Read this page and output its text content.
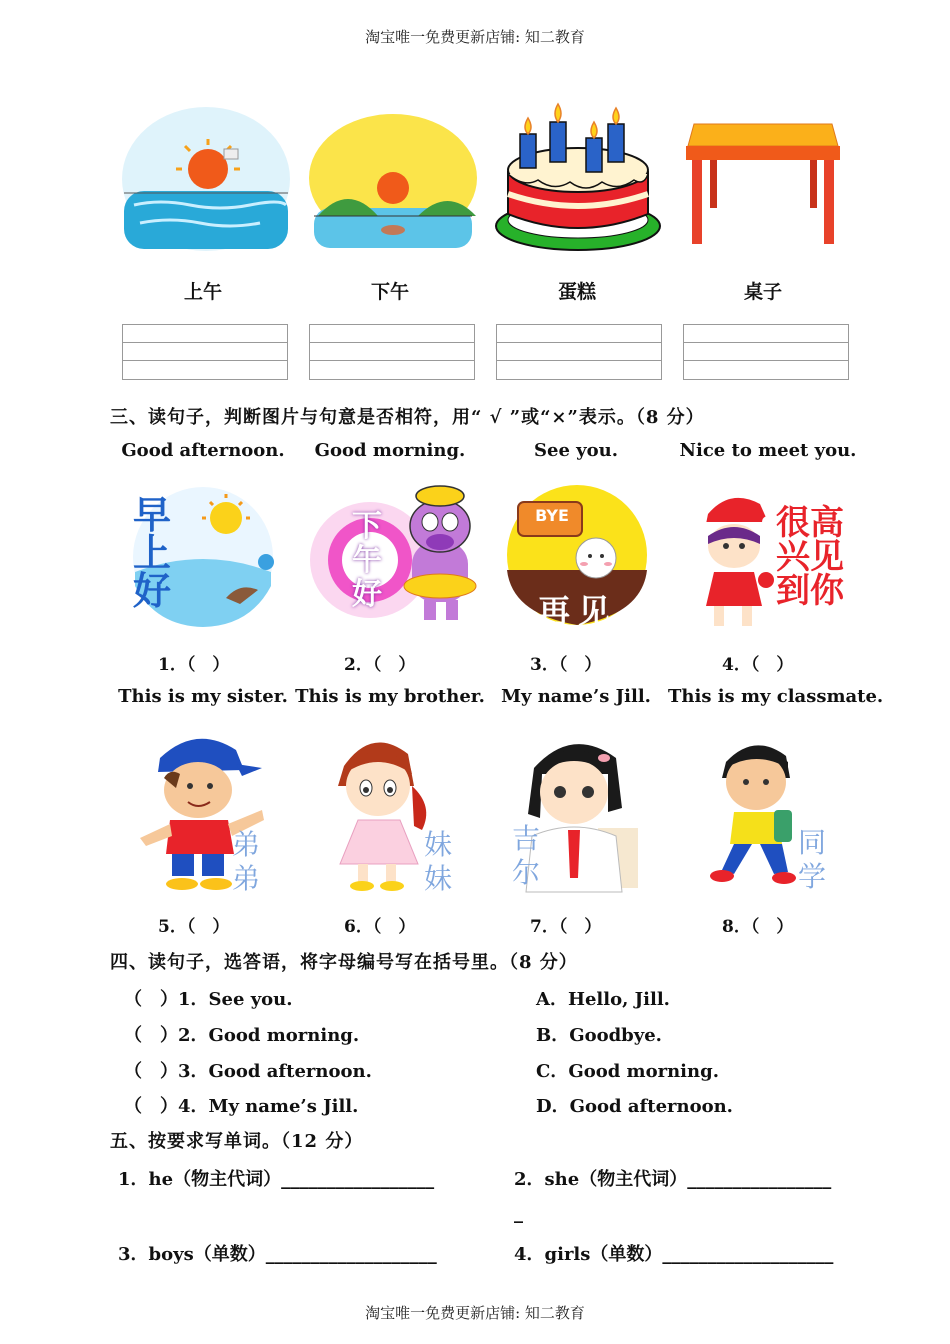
淘宝唯一免费更新店铺: 知二教育
上午	下午	蛋糕	桌子
三、读句子，判断图片与句意是否相符，用“ √ ”或“×”表示。（8 分）
Good afternoon.	Good morning.	See you.	Nice to meet you.
早上好
下午好
BYE
再见
很高兴见到你
1．（　）	2．（　）	3．（　）	4．（　）
This is my sister. This is my brother. My name’s Jill. This is my classmate.
弟弟
妹妹
吉尔
同学
5．（　）	6．（　）	7．（　）	8．（　）
四、读句子，选答语，将字母编号写在括号里。（8 分）
（　）1．See you.
（　）2．Good morning.
（　）3．Good afternoon.
（　）4．My name’s Jill.
A．Hello, Jill.
B．Goodbye.
C．Good morning.
D．Good afternoon.
五、按要求写单词。（12 分）
1．he（物主代词）_________________	2．she（物主代词）________________
_
3．boys（单数）___________________	4．girls（单数）___________________
淘宝唯一免费更新店铺: 知二教育
